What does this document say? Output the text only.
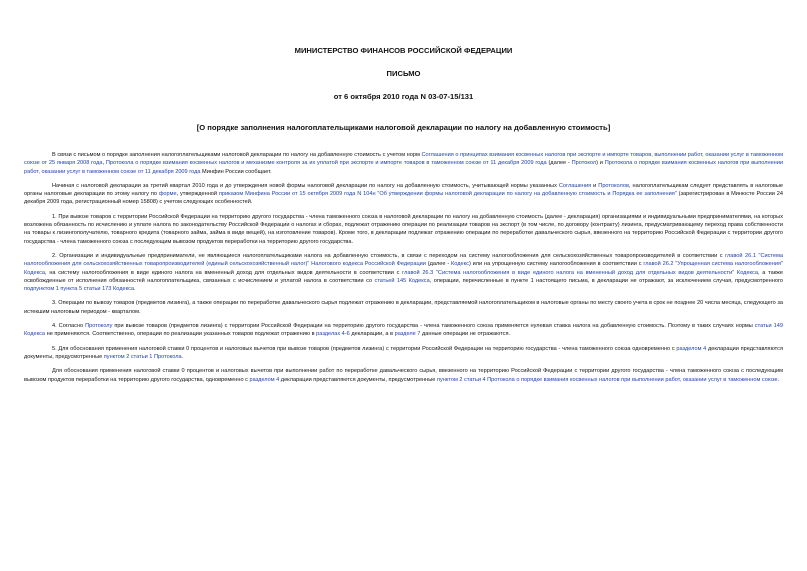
МИНИСТЕРСТВО ФИНАНСОВ РОССИЙСКОЙ ФЕДЕРАЦИИ
ПИСЬМО
от 6 октября 2010 года N 03-07-15/131
[О порядке заполнения налогоплательщиками налоговой декларации по налогу на добавленную стоимость]

В связи с письмом о порядке заполнения налогоплательщиками налоговой декларации по налогу на добавленную стоимость с учетом норм Соглашения о принципах взимания косвенных налогов при экспорте и импорте товаров, выполнении работ, оказании услуг в таможенном союзе от 25 января 2008 года, Протокола о порядке взимания косвенных налогов и механизме контроля за их уплатой при экспорте и импорте товаров в таможенном союзе от 11 декабря 2009 года (далее - Протокол) и Протокола о порядке взимания косвенных налогов при выполнении работ, оказании услуг в таможенном союзе от 11 декабря 2009 года Минфин России сообщает.

Начиная с налоговой декларации за третий квартал 2010 года и до утверждения новой формы налоговой декларации по налогу на добавленную стоимость, учитывающей нормы указанных Соглашения и Протоколов, налогоплательщикам следует представлять в налоговые органы налоговые декларации по этому налогу по форме, утвержденной приказом Минфина России от 15 октября 2009 года N 104н "Об утверждении формы налоговой декларации по налогу на добавленную стоимость и Порядка ее заполнения" (зарегистрирован в Минюсте России 24 декабря 2009 года, регистрационный номер 15808) с учетом следующих особенностей.

1. При вывозе товаров с территории Российской Федерации на территорию другого государства - члена таможенного союза в налоговой декларации по налогу на добавленную стоимость (далее - декларация) организациями и индивидуальными предпринимателями, на которых возложена обязанность по исчислению и уплате налога по законодательству Российской Федерации о налогах и сборах, подлежат отражению операции по реализации товаров на экспорт (в том числе, по договору (контракту) лизинга, предусматривающему переход права собственности на товары к лизингополучателю, товарного кредита (товарного займа, займа в виде вещей), на изготовление товаров). Кроме того, в декларации подлежат отражению операции по переработке давальческого сырья, ввезенного на территорию Российской Федерации с территории другого государства - члена таможенного союза с последующим вывозом продуктов переработки на территорию другого государства.

2. Организации и индивидуальные предприниматели, не являющиеся налогоплательщиками налога на добавленную стоимость, в связи с переходом на систему налогообложения для сельскохозяйственных товаропроизводителей в соответствии с главой 26.1 "Система налогообложения для сельскохозяйственных товаропроизводителей (единый сельскохозяйственный налог)" Налогового кодекса Российской Федерации (далее - Кодекс) или на упрощенную систему налогообложения в соответствии с главой 26.2 "Упрощенная система налогообложения" Кодекса, на систему налогообложения в виде единого налога на вмененный доход для отдельных видов деятельности в соответствии с главой 26.3 "Система налогообложения в виде единого налога на вмененный доход для отдельных видов деятельности" Кодекса, а также освобожденные от исполнения обязанностей налогоплательщика, связанных с исчислением и уплатой налога в соответствии со статьей 145 Кодекса, операции, перечисленные в пункте 1 настоящего письма, в декларации не отражают, за исключением случая, предусмотренного подпунктом 1 пункта 5 статьи 173 Кодекса.

3. Операции по вывозу товаров (предметов лизинга), а также операции по переработке давальческого сырья подлежат отражению в декларации, представляемой налогоплательщиком в налоговые органы по месту своего учета в срок не позднее 20 числа месяца, следующего за истекшим налоговым периодом - кварталом.

4. Согласно Протоколу при вывозе товаров (предметов лизинга) с территории Российской Федерации на территорию другого государства - члена таможенного союза применяется нулевая ставка налога на добавленную стоимость. Поэтому в таких случаях нормы статьи 149 Кодекса не применяются. Соответственно, операции по реализации указанных товаров подлежат отражению в разделах 4-6 декларации, а в разделе 7 данные операции не отражаются.

5. Для обоснования применения налоговой ставки 0 процентов и налоговых вычетов при вывозе товаров (предметов лизинга) с территории Российской Федерации на территорию государства - члена таможенного союза одновременно с разделом 4 декларации представляются документы, предусмотренные пунктом 2 статьи 1 Протокола.

Для обоснования применения налоговой ставки 0 процентов и налоговых вычетов при выполнении работ по переработке давальческого сырья, ввезенного на территорию Российской Федерации с территории другого государства - члена таможенного союза с последующим вывозом продуктов переработки на территорию другого государства, одновременно с разделом 4 декларации представляются документы, предусмотренные пунктом 2 статьи 4 Протокола о порядке взимания косвенных налогов при выполнении работ, оказании услуг в таможенном союзе.
